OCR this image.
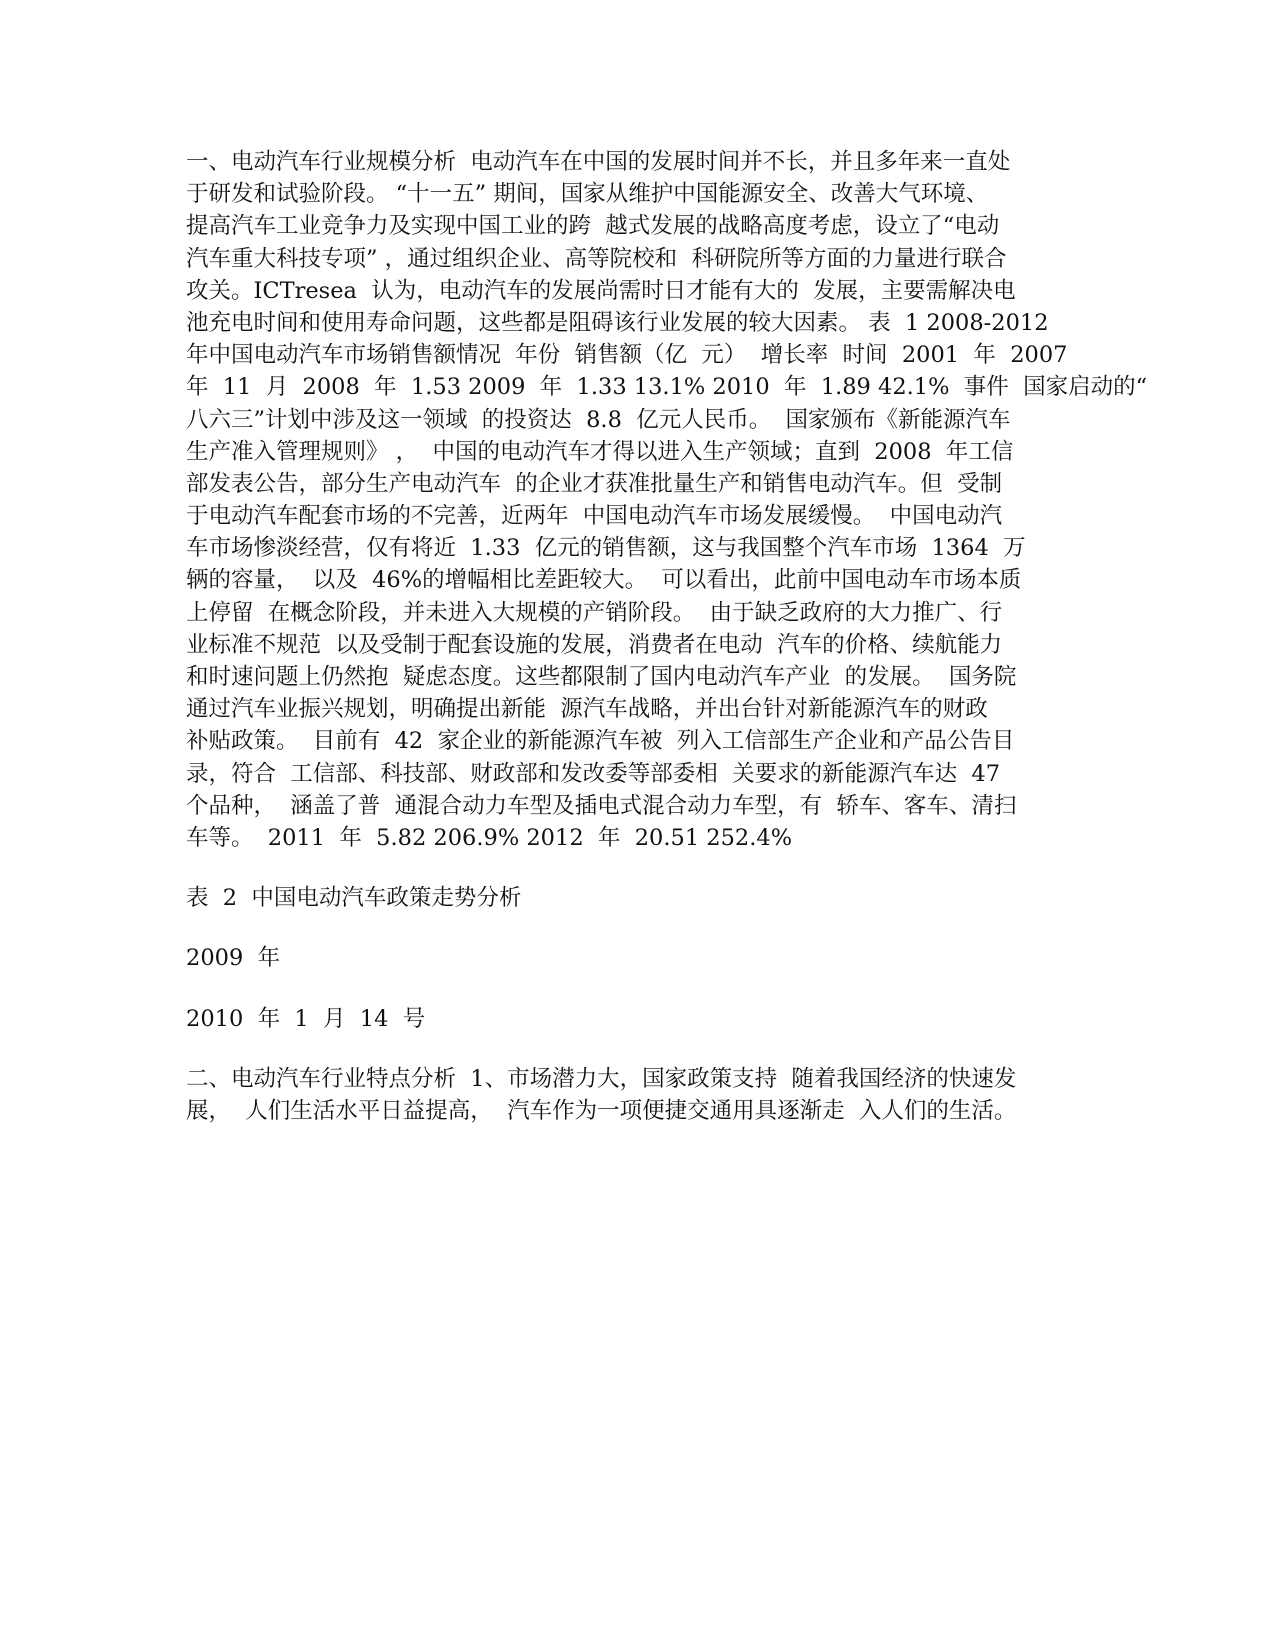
一、电动汽车行业规模分析  电动汽车在中国的发展时间并不长，并且多年来一直处
于研发和试验阶段。 “十一五” 期间，国家从维护中国能源安全、改善大气环境、
提高汽车工业竞争力及实现中国工业的跨  越式发展的战略高度考虑，设立了“电动
汽车重大科技专项” ，通过组织企业、高等院校和  科研院所等方面的力量进行联合
攻关。ICTresea  认为，电动汽车的发展尚需时日才能有大的  发展，主要需解决电
池充电时间和使用寿命问题，这些都是阻碍该行业发展的较大因素。 表  1 2008-2012
年中国电动汽车市场销售额情况  年份  销售额（亿  元）  增长率  时间  2001  年  2007
年  11  月  2008  年  1.53 2009  年  1.33 13.1% 2010  年  1.89 42.1%  事件  国家启动的“
八六三”计划中涉及这一领域  的投资达  8.8  亿元人民币。  国家颁布《新能源汽车
生产准入管理规则》 ，  中国的电动汽车才得以进入生产领域；直到  2008  年工信
部发表公告，部分生产电动汽车  的企业才获准批量生产和销售电动汽车。但  受制
于电动汽车配套市场的不完善，近两年  中国电动汽车市场发展缓慢。  中国电动汽
车市场惨淡经营，仅有将近  1.33  亿元的销售额，这与我国整个汽车市场  1364  万
辆的容量，  以及  46%的增幅相比差距较大。  可以看出，此前中国电动车市场本质
上停留  在概念阶段，并未进入大规模的产销阶段。  由于缺乏政府的大力推广、行
业标准不规范  以及受制于配套设施的发展，消费者在电动  汽车的价格、续航能力
和时速问题上仍然抱  疑虑态度。这些都限制了国内电动汽车产业  的发展。  国务院
通过汽车业振兴规划，明确提出新能  源汽车战略，并出台针对新能源汽车的财政
补贴政策。  目前有  42  家企业的新能源汽车被  列入工信部生产企业和产品公告目
录，符合  工信部、科技部、财政部和发改委等部委相  关要求的新能源汽车达  47
个品种，  涵盖了普  通混合动力车型及插电式混合动力车型，有  轿车、客车、清扫
车等。  2011  年  5.82 206.9% 2012  年  20.51 252.4%
表  2  中国电动汽车政策走势分析
2009  年
2010  年  1  月  14  号
二、电动汽车行业特点分析  1、市场潜力大，国家政策支持  随着我国经济的快速发
展，  人们生活水平日益提高，  汽车作为一项便捷交通用具逐渐走  入人们的生活。
